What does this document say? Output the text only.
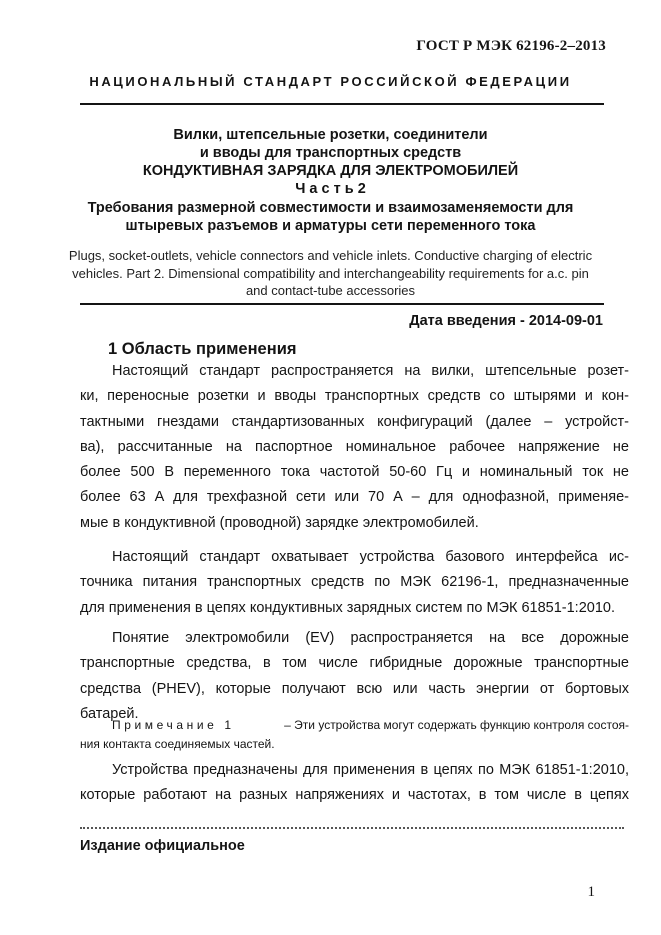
ГОСТ Р МЭК 62196-2–2013
НАЦИОНАЛЬНЫЙ СТАНДАРТ РОССИЙСКОЙ ФЕДЕРАЦИИ
Вилки, штепсельные розетки, соединители
и вводы для транспортных средств
КОНДУКТИВНАЯ ЗАРЯДКА ДЛЯ ЭЛЕКТРОМОБИЛЕЙ
Ч а с т ь 2
Требования размерной совместимости и взаимозаменяемости для
штыревых разъемов и арматуры сети переменного тока
Plugs, socket-outlets, vehicle connectors and vehicle inlets. Conductive charging of electric
vehicles. Part 2. Dimensional compatibility and interchangeability requirements for a.c. pin
and contact-tube accessories
Дата введения - 2014-09-01
1 Область применения
Настоящий стандарт распространяется на вилки, штепсельные розет-
ки, переносные розетки и вводы транспортных средств со штырями и кон-
тактными гнездами стандартизованных конфигураций (далее – устройст-
ва), рассчитанные на паспортное номинальное рабочее напряжение не
более 500 В переменного тока частотой 50-60 Гц и номинальный ток не
более 63 А для трехфазной сети или 70 А – для однофазной, применяе-
мые в кондуктивной (проводной) зарядке электромобилей.
Настоящий стандарт охватывает устройства базового интерфейса ис-
точника питания транспортных средств по МЭК 62196-1, предназначенные
для применения в цепях кондуктивных зарядных систем по МЭК 61851-1:2010.
Понятие электромобили (EV) распространяется на все дорожные
транспортные средства, в том числе гибридные дорожные транспортные
средства (PHEV), которые получают всю или часть энергии от бортовых
батарей.
Примечание 1	– Эти устройства могут содержать функцию контроля состоя-
ния контакта соединяемых частей.
Устройства предназначены для применения в цепях по МЭК 61851-1:2010,
которые работают на разных напряжениях и частотах, в том числе в цепях
Издание официальное
1
